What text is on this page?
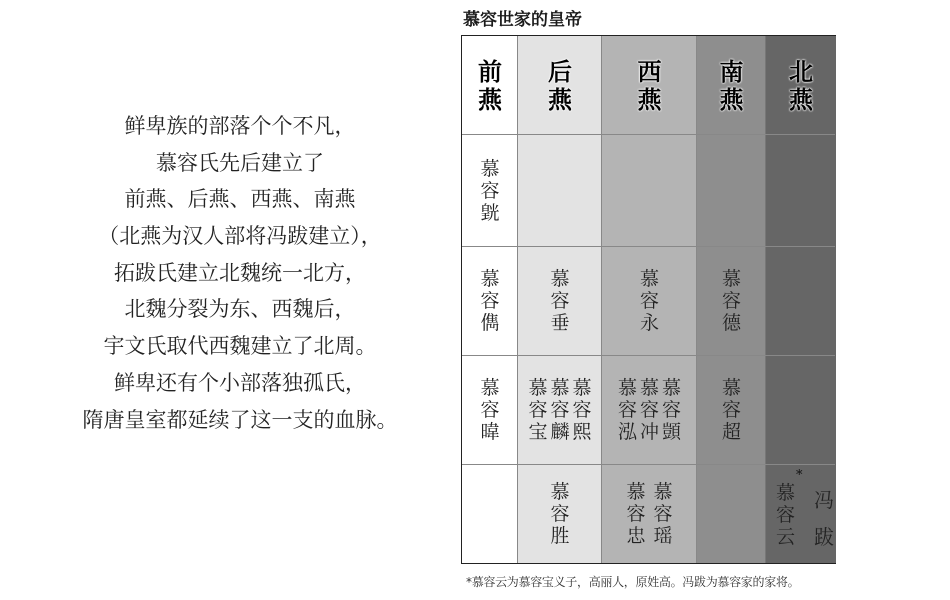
鲜卑族的部落个个不凡，
慕容氏先后建立了
前燕、后燕、西燕、南燕
（北燕为汉人部将冯跋建立），
拓跋氏建立北魏统一北方，
北魏分裂为东、西魏后，
宇文氏取代西魏建立了北周。
鲜卑还有个小部落独孤氏，
隋唐皇室都延续了这一支的血脉。
慕容世家的皇帝
前
燕
后
燕
西
燕
南
燕
北
燕
慕
容
皝
慕
容
儁
慕
容
垂
慕
容
永
慕
容
德
慕
容
暐
慕
容
熙
慕
容
麟
慕
容
宝
慕
容
顗
慕
容
冲
慕
容
泓
慕
容
超
慕
容
胜
慕
容
瑶
慕
容
忠
冯
跋
*
慕
容
云
*慕容云为慕容宝义子，高丽人，原姓高。冯跋为慕容家的家将。
